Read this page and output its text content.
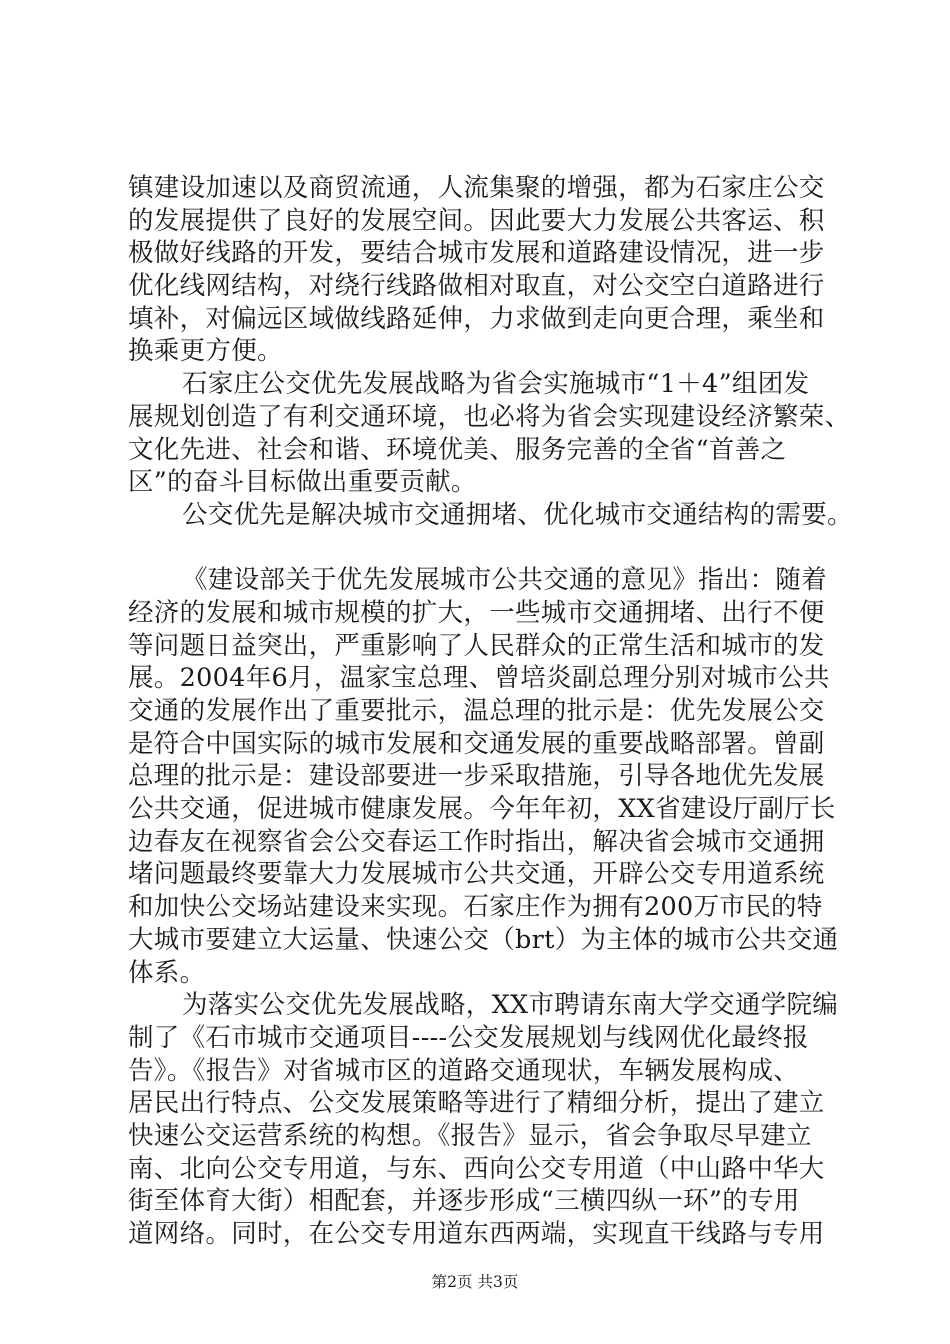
镇建设加速以及商贸流通，人流集聚的增强，都为石家庄公交
的发展提供了良好的发展空间。因此要大力发展公共客运、积
极做好线路的开发，要结合城市发展和道路建设情况，进一步
优化线网结构，对绕行线路做相对取直，对公交空白道路进行
填补，对偏远区域做线路延伸，力求做到走向更合理，乘坐和
换乘更方便。
石家庄公交优先发展战略为省会实施城市“1＋4”组团发
展规划创造了有利交通环境，也必将为省会实现建设经济繁荣、
文化先进、社会和谐、环境优美、服务完善的全省“首善之
区”的奋斗目标做出重要贡献。
公交优先是解决城市交通拥堵、优化城市交通结构的需要。
《建设部关于优先发展城市公共交通的意见》指出：随着
经济的发展和城市规模的扩大，一些城市交通拥堵、出行不便
等问题日益突出，严重影响了人民群众的正常生活和城市的发
展。2004年6月，温家宝总理、曾培炎副总理分别对城市公共
交通的发展作出了重要批示，温总理的批示是：优先发展公交
是符合中国实际的城市发展和交通发展的重要战略部署。曾副
总理的批示是：建设部要进一步采取措施，引导各地优先发展
公共交通，促进城市健康发展。今年年初，XX省建设厅副厅长
边春友在视察省会公交春运工作时指出，解决省会城市交通拥
堵问题最终要靠大力发展城市公共交通，开辟公交专用道系统
和加快公交场站建设来实现。石家庄作为拥有200万市民的特
大城市要建立大运量、快速公交（brt）为主体的城市公共交通
体系。
为落实公交优先发展战略，XX市聘请东南大学交通学院编
制了《石市城市交通项目----公交发展规划与线网优化最终报
告》。《报告》对省城市区的道路交通现状，车辆发展构成、
居民出行特点、公交发展策略等进行了精细分析，提出了建立
快速公交运营系统的构想。《报告》显示，省会争取尽早建立
南、北向公交专用道，与东、西向公交专用道（中山路中华大
街至体育大街）相配套，并逐步形成“三横四纵一环”的专用
道网络。同时，在公交专用道东西两端，实现直干线路与专用
第2页 共3页
